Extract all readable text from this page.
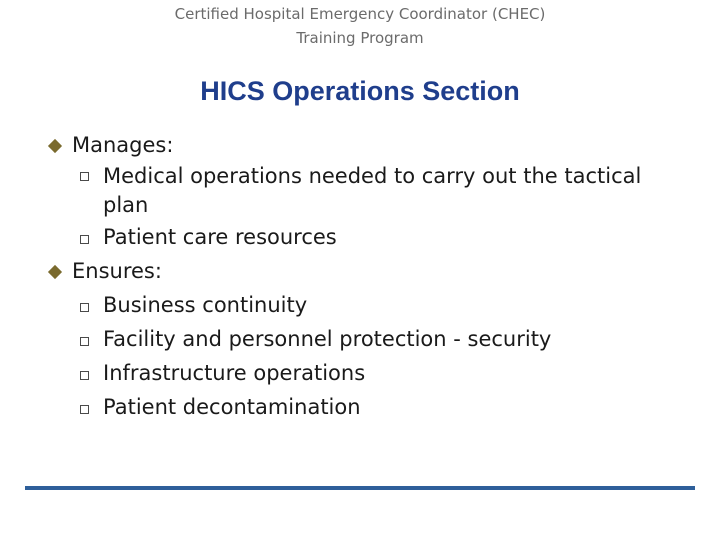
Certified Hospital Emergency Coordinator (CHEC)
Training Program
HICS Operations Section
Manages:
Medical operations needed to carry out the tactical plan
Patient care resources
Ensures:
Business continuity
Facility and personnel protection - security
Infrastructure operations
Patient decontamination
